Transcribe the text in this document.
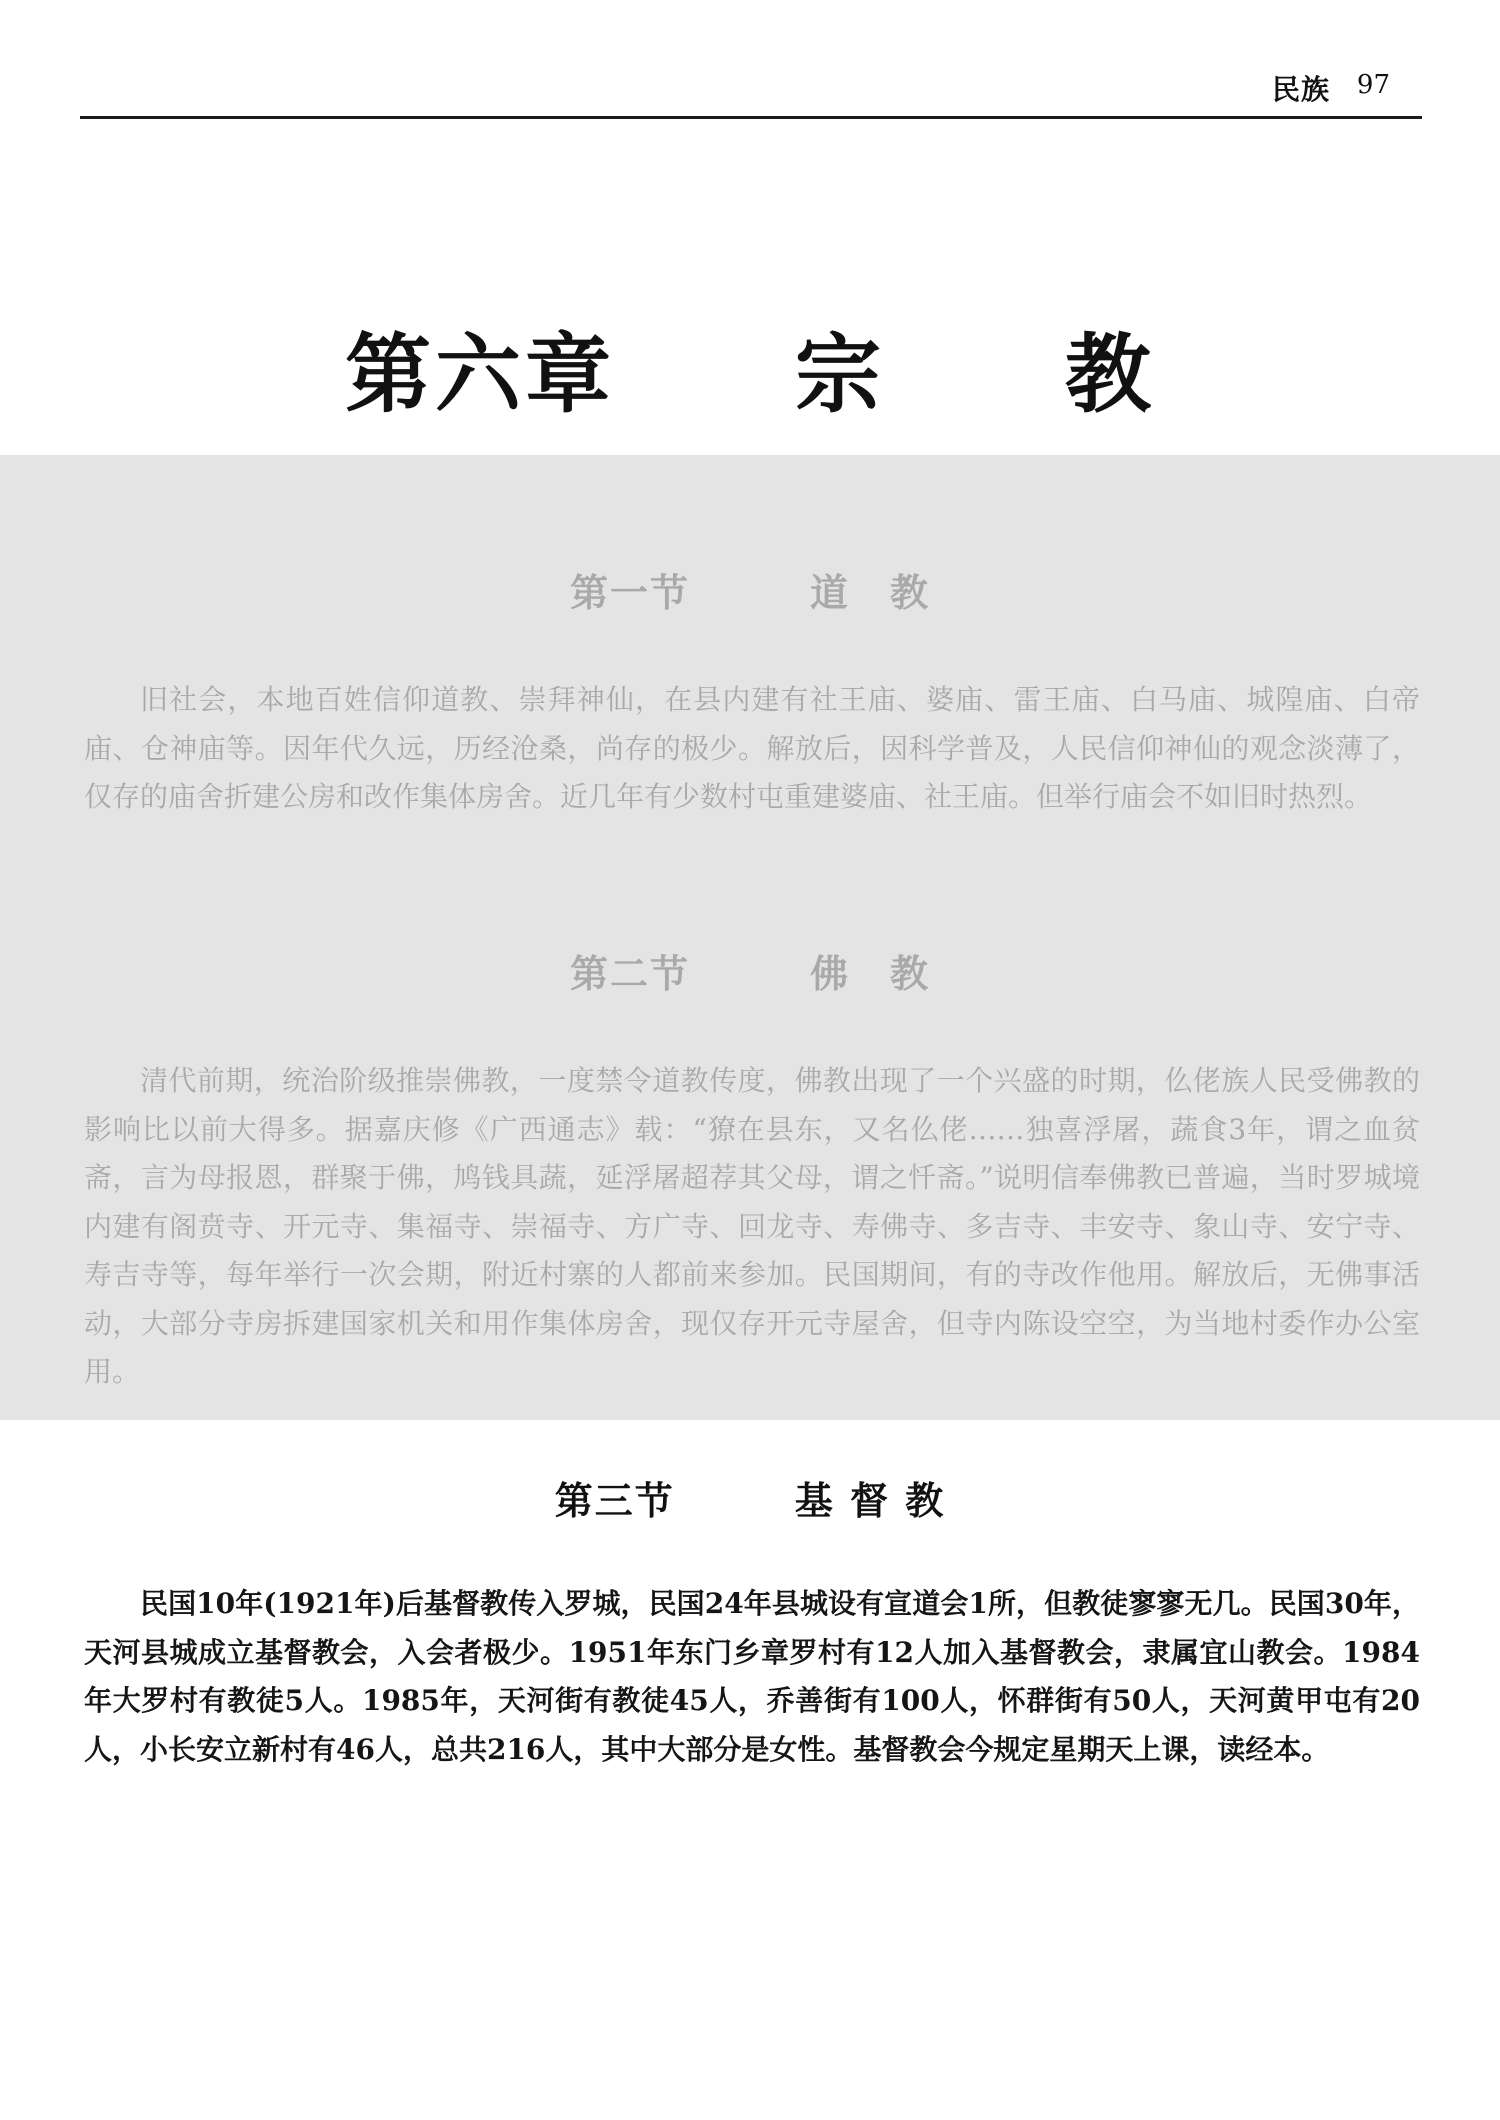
民族 97
第六章　　宗　　教
第一节　　　道　教

旧社会，本地百姓信仰道教、崇拜神仙，在县内建有社王庙、婆庙、雷王庙、白马庙、城隍庙、白帝庙、仓神庙等。因年代久远，历经沧桑，尚存的极少。解放后，因科学普及，人民信仰神仙的观念淡薄了，仅存的庙舍折建公房和改作集体房舍。近几年有少数村屯重建婆庙、社王庙。但举行庙会不如旧时热烈。

第二节　　　佛　教

清代前期，统治阶级推崇佛教，一度禁令道教传度，佛教出现了一个兴盛的时期，仫佬族人民受佛教的影响比以前大得多。据嘉庆修《广西通志》载：“獠在县东，又名仫佬……独喜浮屠，蔬食3年，谓之血贫斋，言为母报恩，群聚于佛，鸠钱具蔬，延浮屠超荐其父母，谓之忏斋。”说明信奉佛教已普遍，当时罗城境内建有阁贲寺、开元寺、集福寺、崇福寺、方广寺、回龙寺、寿佛寺、多吉寺、丰安寺、象山寺、安宁寺、寿吉寺等，每年举行一次会期，附近村寨的人都前来参加。民国期间，有的寺改作他用。解放后，无佛事活动，大部分寺房拆建国家机关和用作集体房舍，现仅存开元寺屋舍，但寺内陈设空空，为当地村委作办公室用。

第三节　　　基 督 教

民国10年(1921年)后基督教传入罗城，民国24年县城设有宣道会1所，但教徒寥寥无几。民国30年，天河县城成立基督教会，入会者极少。1951年东门乡章罗村有12人加入基督教会，隶属宜山教会。1984年大罗村有教徒5人。1985年，天河街有教徒45人，乔善街有100人，怀群街有50人，天河黄甲屯有20人，小长安立新村有46人，总共216人，其中大部分是女性。基督教会今规定星期天上课，读经本。
